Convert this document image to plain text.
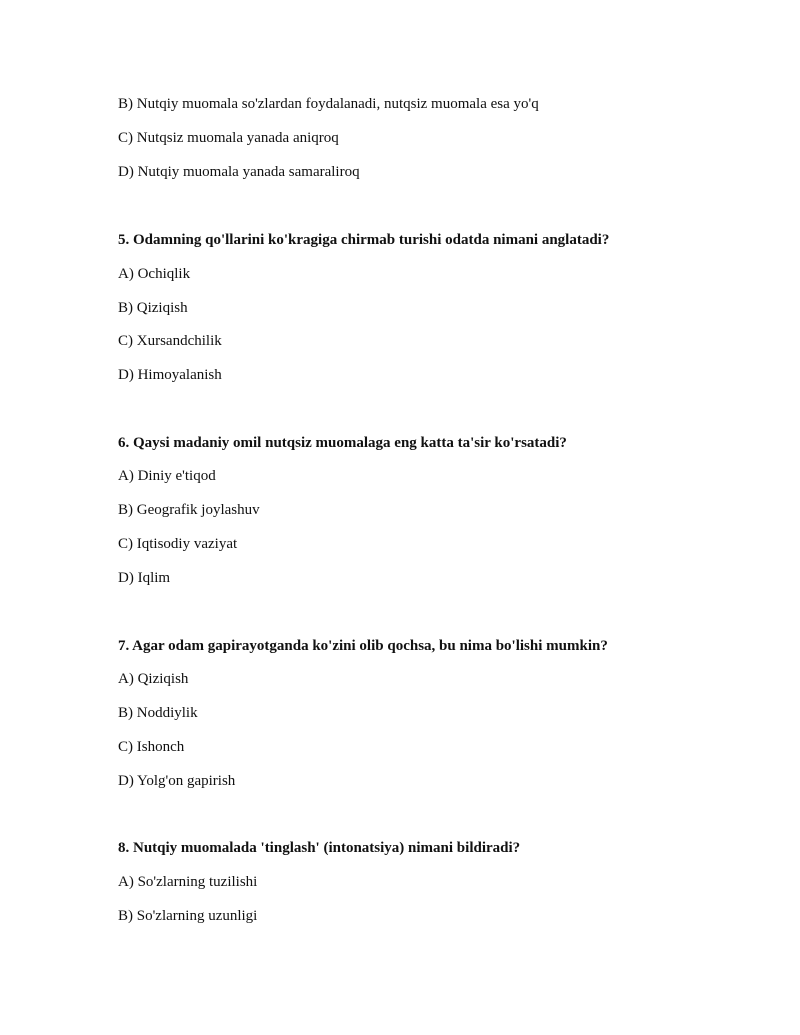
B) Nutqiy muomala so'zlardan foydalanadi, nutqsiz muomala esa yo'q
C) Nutqsiz muomala yanada aniqroq
D) Nutqiy muomala yanada samaraliroq
5. Odamning qo'llarini ko'kragiga chirmab turishi odatda nimani anglatadi?
A) Ochiqlik
B) Qiziqish
C) Xursandchilik
D) Himoyalanish
6. Qaysi madaniy omil nutqsiz muomalaga eng katta ta'sir ko'rsatadi?
A) Diniy e'tiqod
B) Geografik joylashuv
C) Iqtisodiy vaziyat
D) Iqlim
7. Agar odam gapirayotganda ko'zini olib qochsa, bu nima bo'lishi mumkin?
A) Qiziqish
B) Noddiylik
C) Ishonch
D) Yolg'on gapirish
8. Nutqiy muomalada 'tinglash' (intonatsiya) nimani bildiradi?
A) So'zlarning tuzilishi
B) So'zlarning uzunligi
